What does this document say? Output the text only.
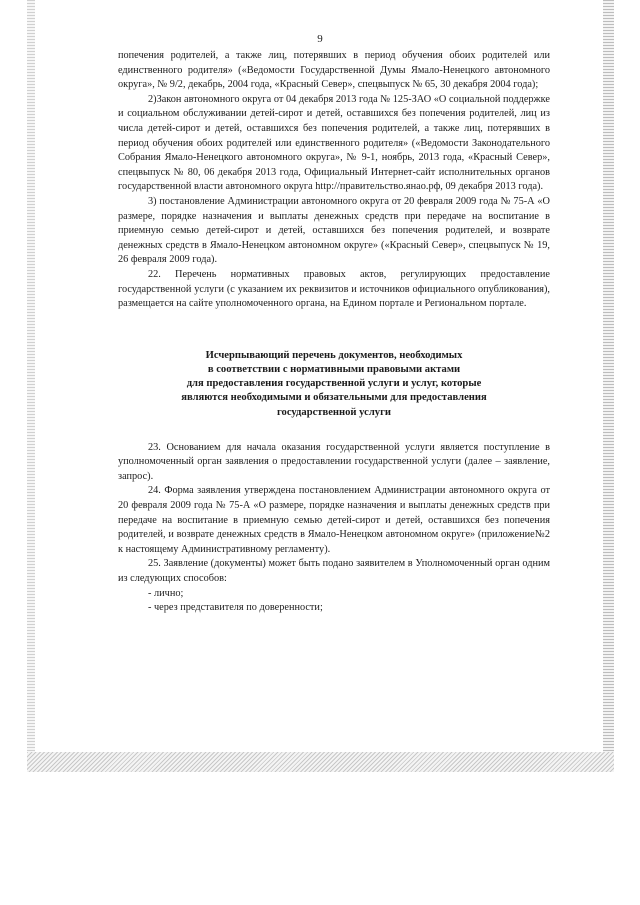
9

попечения родителей, а также лиц, потерявших в период обучения обоих родителей или единственного родителя» («Ведомости Государственной Думы Ямало-Ненецкого автономного округа», № 9/2, декабрь, 2004 года, «Красный Север», спецвыпуск № 65, 30 декабря 2004 года);

2)Закон автономного округа от 04 декабря 2013 года № 125-ЗАО «О социальной поддержке и социальном обслуживании детей-сирот и детей, оставшихся без попечения родителей, лиц из числа детей-сирот и детей, оставшихся без попечения родителей, а также лиц, потерявших в период обучения обоих родителей или единственного родителя» («Ведомости Законодательного Собрания Ямало-Ненецкого автономного округа», № 9-1, ноябрь, 2013 года, «Красный Север», спецвыпуск № 80, 06 декабря 2013 года, Официальный Интернет-сайт исполнительных органов государственной власти автономного округа http://правительство.янао.рф, 09 декабря 2013 года).

3) постановление Администрации автономного округа от 20 февраля 2009 года № 75-А «О размере, порядке назначения и выплаты денежных средств при передаче на воспитание в приемную семью детей-сирот и детей, оставшихся без попечения родителей, и возврате денежных средств в Ямало-Ненецком автономном округе» («Красный Север», спецвыпуск № 19, 26 февраля 2009 года).

22. Перечень нормативных правовых актов, регулирующих предоставление государственной услуги (с указанием их реквизитов и источников официального опубликования), размещается на сайте уполномоченного органа, на Едином портале и Региональном портале.

Исчерпывающий перечень документов, необходимых
в соответствии с нормативными правовыми актами
для предоставления государственной услуги и услуг, которые
являются необходимыми и обязательными для предоставления
государственной услуги

23. Основанием для начала оказания государственной услуги является поступление в уполномоченный орган заявления о предоставлении государственной услуги (далее – заявление, запрос).

24. Форма заявления утверждена постановлением Администрации автономного округа от 20 февраля 2009 года № 75-А «О размере, порядке назначения и выплаты денежных средств при передаче на воспитание в приемную семью детей-сирот и детей, оставшихся без попечения родителей, и возврате денежных средств в Ямало-Ненецком автономном округе» (приложение№2 к настоящему Административному регламенту).

25. Заявление (документы) может быть подано заявителем в Уполномоченный орган одним из следующих способов:

- лично;

- через представителя по доверенности;
